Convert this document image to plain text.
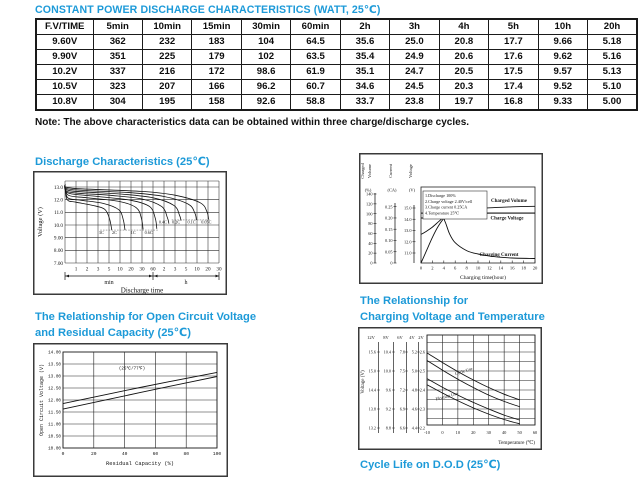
CONSTANT POWER DISCHARGE CHARACTERISTICS (WATT, 25℃)
F.V/TIME	5min	10min	15min	30min	60min	2h	3h	4h	5h	10h	20h
9.60V	362	232	183	104	64.5	35.6	25.0	20.8	17.7	9.66	5.18
9.90V	351	225	179	102	63.5	35.4	24.9	20.6	17.6	9.62	5.16
10.2V	337	216	172	98.6	61.9	35.1	24.7	20.5	17.5	9.57	5.13
10.5V	323	207	166	96.2	60.7	34.6	24.5	20.3	17.4	9.52	5.10
10.8V	304	195	158	92.6	58.8	33.7	23.8	19.7	16.8	9.33	5.00
Note: The above characteristics data can be obtained within three charge/discharge cycles.
Discharge Characteristics (25℃)
13.0
12.0
11.0
10.0
9.00
8.00
7.00
1 2 3 5 10 20 30 60 2 3 5 10 20 30
Voltage (V)
min	h
Discharge time
3C 2C	1C 0.6C
0.4C 0.2C 0.1C 0.05C
0 2 4 6 8 10 12 14 16 18 20
Charging time(hour)
0
20
40
60
80
100
120
140
0
0.05
0.10
0.15
0.20
0.25
11.0
12.0
13.0
14.0
15.0
Charged Volume	Current	Voltage
(%)	(CA)	(V)
1.Discharge 100%
2.Charge voltage 2.40V/cell
3.Charge current 0.25CA
4.Temperature 25℃
Charged Volume
Charge Voltage
Charging Current
The Relationship for Open Circuit Voltage
and Residual Capacity (25℃)
14.00
13.50
13.00
12.50
12.00
11.50
11.00
10.50
10.00
0	20	40	60	80	100
Open Circuit Voltage (V)
Residual Capacity (%)
(25℃/77℉)
The Relationship for
Charging Voltage and Temperature
-10	0	10	20	30	40	50	60
Temperature (℃)
Voltage (V)
12V
15.6
15.0
14.4
13.8
13.2
8V
10.4
10.0
9.6
9.2
8.8
6V
7.8
7.5
7.2
6.9
6.6
4V
5.2
5.0
4.8
4.6
4.4
2V
2.6
2.5
2.4
2.3
2.2
Cycle Use
Floating Use
Cycle Life on D.O.D (25℃)
